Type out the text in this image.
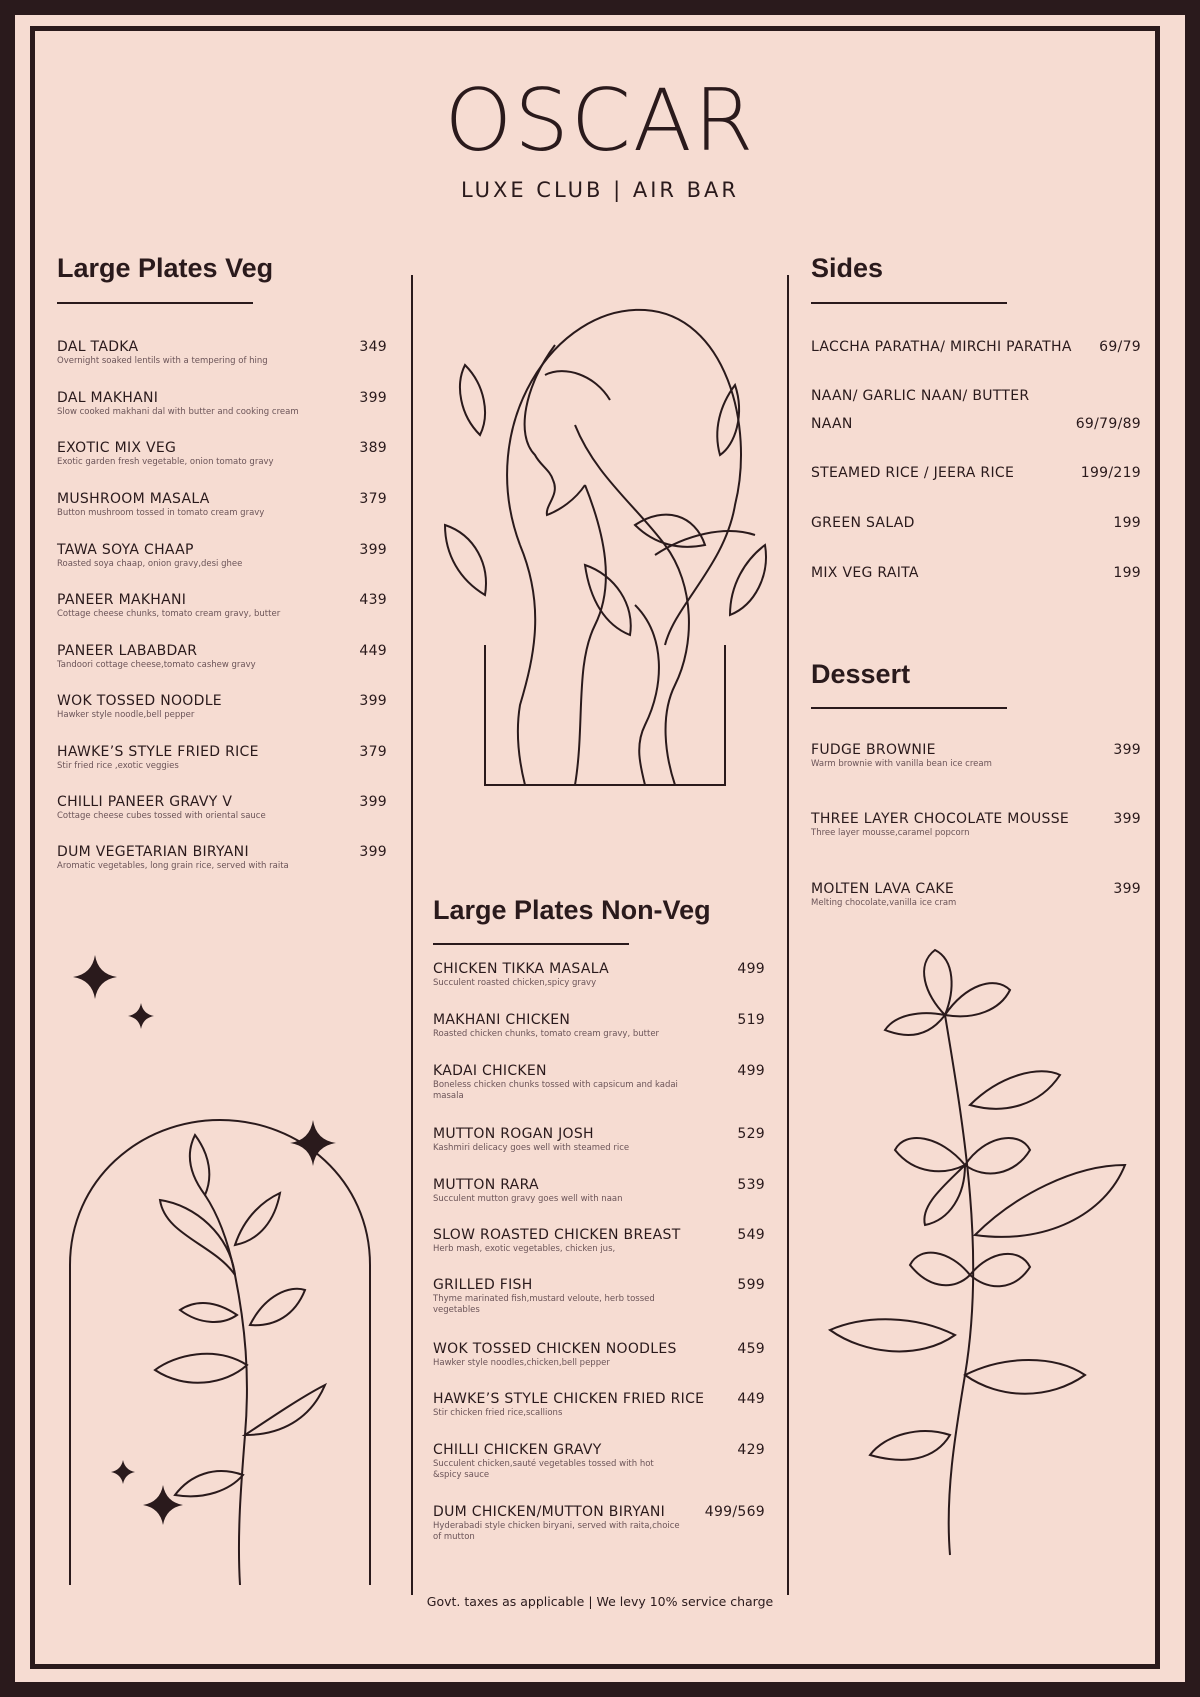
OSCAR
LUXE CLUB | AIR BAR
Large Plates Veg
DAL TADKA	349
Overnight soaked lentils with a tempering of hing
DAL MAKHANI	399
Slow cooked makhani dal with butter and cooking cream
EXOTIC MIX VEG	389
Exotic garden fresh vegetable, onion tomato gravy
MUSHROOM MASALA	379
Button mushroom tossed in tomato cream gravy
TAWA SOYA CHAAP	399
Roasted soya chaap, onion gravy,desi ghee
PANEER MAKHANI	439
Cottage cheese chunks, tomato cream gravy, butter
PANEER LABABDAR	449
Tandoori cottage cheese,tomato cashew gravy
WOK TOSSED NOODLE	399
Hawker style noodle,bell pepper
HAWKE’S STYLE FRIED RICE	379
Stir fried rice ,exotic veggies
CHILLI PANEER GRAVY V	399
Cottage cheese cubes tossed with oriental sauce
DUM VEGETARIAN BIRYANI	399
Aromatic vegetables, long grain rice, served with raita
Large Plates Non-Veg
CHICKEN TIKKA MASALA	499
Succulent roasted chicken,spicy gravy
MAKHANI CHICKEN	519
Roasted chicken chunks, tomato cream gravy, butter
KADAI CHICKEN	499
Boneless chicken chunks tossed with capsicum and kadai masala
MUTTON ROGAN JOSH	529
Kashmiri delicacy goes well with steamed rice
MUTTON RARA	539
Succulent mutton gravy goes well with naan
SLOW ROASTED CHICKEN BREAST	549
Herb mash, exotic vegetables, chicken jus,
GRILLED FISH	599
Thyme marinated fish,mustard veloute, herb tossed vegetables
WOK TOSSED CHICKEN NOODLES	459
Hawker style noodles,chicken,bell pepper
HAWKE’S STYLE CHICKEN FRIED RICE 449
Stir chicken fried rice,scallions
CHILLI CHICKEN GRAVY	429
Succulent chicken,sauté vegetables tossed with hot &spicy sauce
DUM CHICKEN/MUTTON BIRYANI	499/569
Hyderabadi style chicken biryani, served with raita,choice of mutton
Sides
LACCHA PARATHA/ MIRCHI PARATHA 69/79
NAAN/ GARLIC NAAN/ BUTTER
NAAN	69/79/89
STEAMED RICE / JEERA RICE	199/219
GREEN SALAD	199
MIX VEG RAITA	199
Dessert
FUDGE BROWNIE	399
Warm brownie with vanilla bean ice cream
THREE LAYER CHOCOLATE MOUSSE	399
Three layer mousse,caramel popcorn
MOLTEN LAVA CAKE	399
Melting chocolate,vanilla ice cram
Govt. taxes as applicable | We levy 10% service charge
